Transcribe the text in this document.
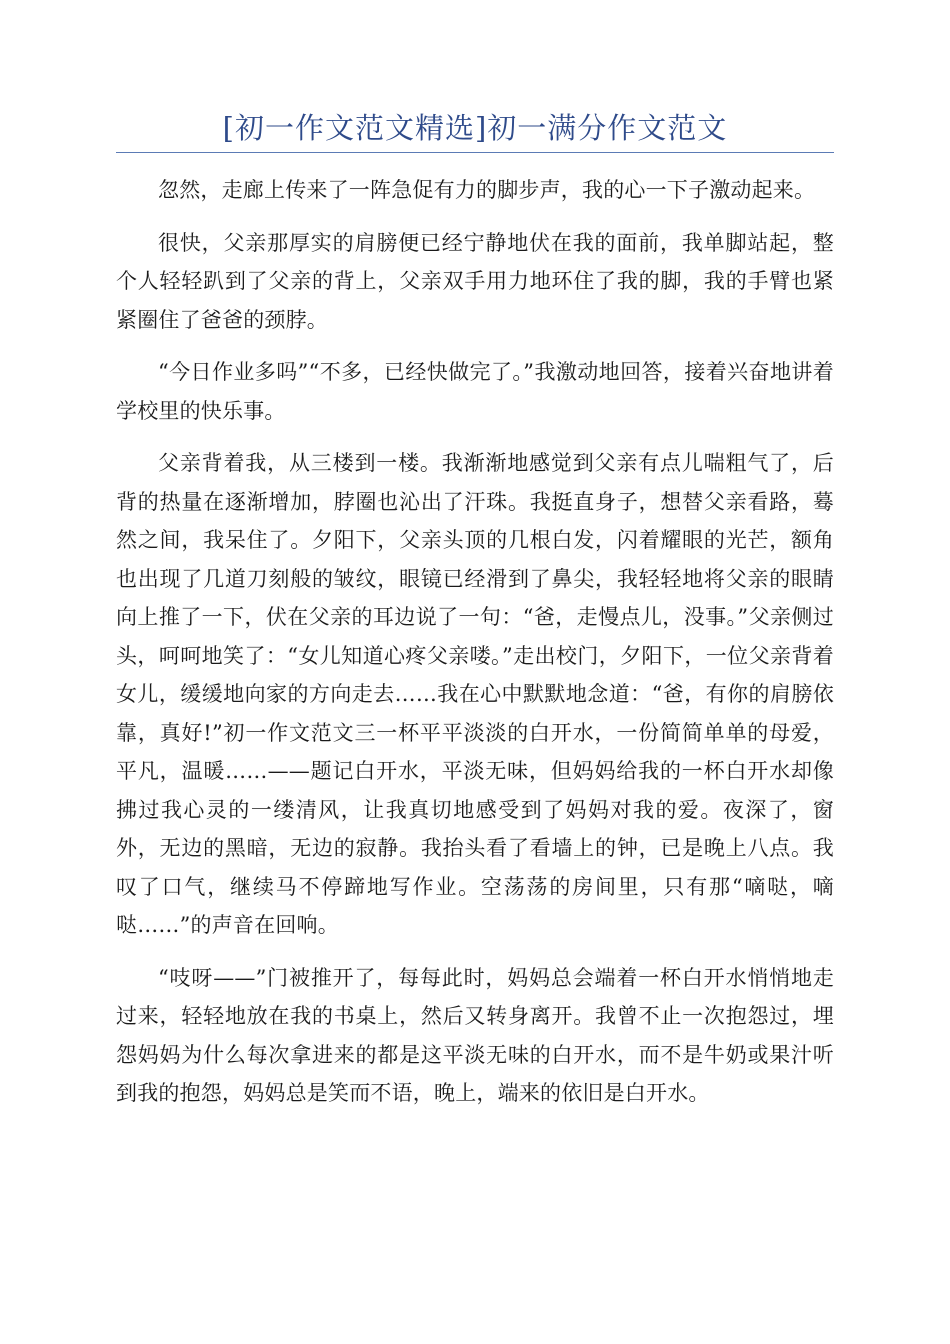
[初一作文范文精选]初一满分作文范文

忽然，走廊上传来了一阵急促有力的脚步声，我的心一下子激动起来。

很快，父亲那厚实的肩膀便已经宁静地伏在我的面前，我单脚站起，整个人轻轻趴到了父亲的背上，父亲双手用力地环住了我的脚，我的手臂也紧紧圈住了爸爸的颈脖。

“今日作业多吗”“不多，已经快做完了。”我激动地回答，接着兴奋地讲着学校里的快乐事。

父亲背着我，从三楼到一楼。我渐渐地感觉到父亲有点儿喘粗气了，后背的热量在逐渐增加，脖圈也沁出了汗珠。我挺直身子，想替父亲看路，蓦然之间，我呆住了。夕阳下，父亲头顶的几根白发，闪着耀眼的光芒，额角也出现了几道刀刻般的皱纹，眼镜已经滑到了鼻尖，我轻轻地将父亲的眼睛向上推了一下，伏在父亲的耳边说了一句：“爸，走慢点儿，没事。”父亲侧过头，呵呵地笑了：“女儿知道心疼父亲喽。”走出校门，夕阳下，一位父亲背着女儿，缓缓地向家的方向走去……我在心中默默地念道：“爸，有你的肩膀依靠，真好!”初一作文范文三一杯平平淡淡的白开水，一份简简单单的母爱，平凡，温暖……——题记白开水，平淡无味，但妈妈给我的一杯白开水却像拂过我心灵的一缕清风，让我真切地感受到了妈妈对我的爱。夜深了，窗外，无边的黑暗，无边的寂静。我抬头看了看墙上的钟，已是晚上八点。我叹了口气，继续马不停蹄地写作业。空荡荡的房间里，只有那“嘀哒，嘀哒……”的声音在回响。

“吱呀——”门被推开了，每每此时，妈妈总会端着一杯白开水悄悄地走过来，轻轻地放在我的书桌上，然后又转身离开。我曾不止一次抱怨过，埋怨妈妈为什么每次拿进来的都是这平淡无味的白开水，而不是牛奶或果汁听到我的抱怨，妈妈总是笑而不语，晚上，端来的依旧是白开水。
